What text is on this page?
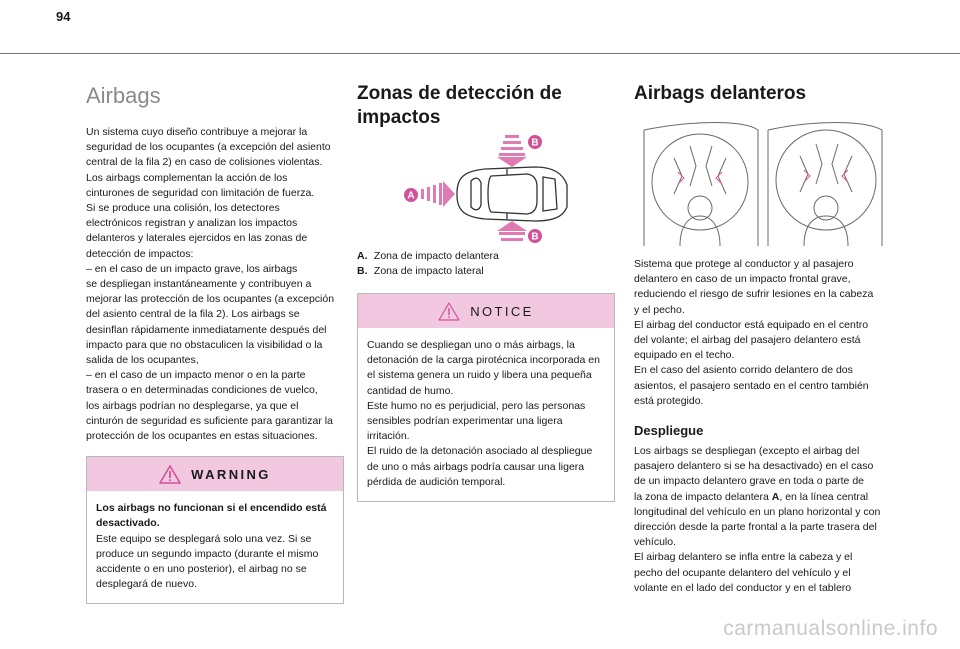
94
Airbags

Un sistema cuyo diseño contribuye a mejorar la
seguridad de los ocupantes (a excepción del asiento
central de la fila 2) en caso de colisiones violentas.
Los airbags complementan la acción de los
cinturones de seguridad con limitación de fuerza.
Si se produce una colisión, los detectores
electrónicos registran y analizan los impactos
delanteros y laterales ejercidos en las zonas de
detección de impactos:
– en el caso de un impacto grave, los airbags
se despliegan instantáneamente y contribuyen a
mejorar las protección de los ocupantes (a excepción
del asiento central de la fila 2). Los airbags se
desinflan rápidamente inmediatamente después del
impacto para que no obstaculicen la visibilidad o la
salida de los ocupantes,
– en el caso de un impacto menor o en la parte
trasera o en determinadas condiciones de vuelco,
los airbags podrían no desplegarse, ya que el
cinturón de seguridad es suficiente para garantizar la
protección de los ocupantes en estas situaciones.

WARNING

Los airbags no funcionan si el encendido está
desactivado.

Este equipo se desplegará solo una vez. Si se
produce un segundo impacto (durante el mismo
accidente o en uno posterior), el airbag no se
desplegará de nuevo.

Zonas de detección de impactos
A
B
B
A. Zona de impacto delantera
B. Zona de impacto lateral
NOTICE

Cuando se despliegan uno o más airbags, la
detonación de la carga pirotécnica incorporada en
el sistema genera un ruido y libera una pequeña
cantidad de humo.
Este humo no es perjudicial, pero las personas
sensibles podrían experimentar una ligera
irritación.
El ruido de la detonación asociado al despliegue
de uno o más airbags podría causar una ligera
pérdida de audición temporal.

Airbags delanteros

Sistema que protege al conductor y al pasajero
delantero en caso de un impacto frontal grave,
reduciendo el riesgo de sufrir lesiones en la cabeza
y el pecho.
El airbag del conductor está equipado en el centro
del volante; el airbag del pasajero delantero está
equipado en el techo.
En el caso del asiento corrido delantero de dos
asientos, el pasajero sentado en el centro también
está protegido.

Despliegue

Los airbags se despliegan (excepto el airbag del
pasajero delantero si se ha desactivado) en el caso
de un impacto delantero grave en toda o parte de
la zona de impacto delantera A, en la línea central
longitudinal del vehículo en un plano horizontal y con
dirección desde la parte frontal a la parte trasera del
vehículo.
El airbag delantero se infla entre la cabeza y el
pecho del ocupante delantero del vehículo y el
volante en el lado del conductor y en el tablero

carmanualsonline.info
